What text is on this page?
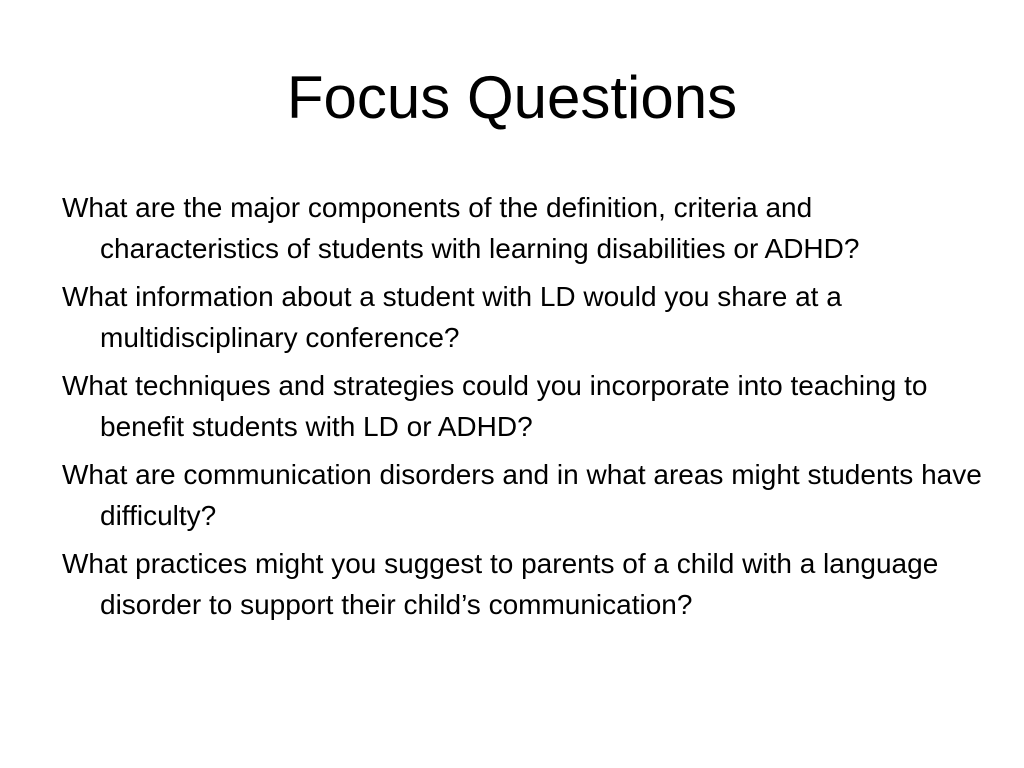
Focus Questions
What are the major components of the definition, criteria and characteristics of students with learning disabilities or ADHD?
What information about a student with LD would you share at a multidisciplinary conference?
What techniques and strategies could you incorporate into teaching to benefit students with LD or ADHD?
What are communication disorders and in what areas might students have difficulty?
What practices might you suggest to parents of a child with a language disorder to support their child’s communication?
